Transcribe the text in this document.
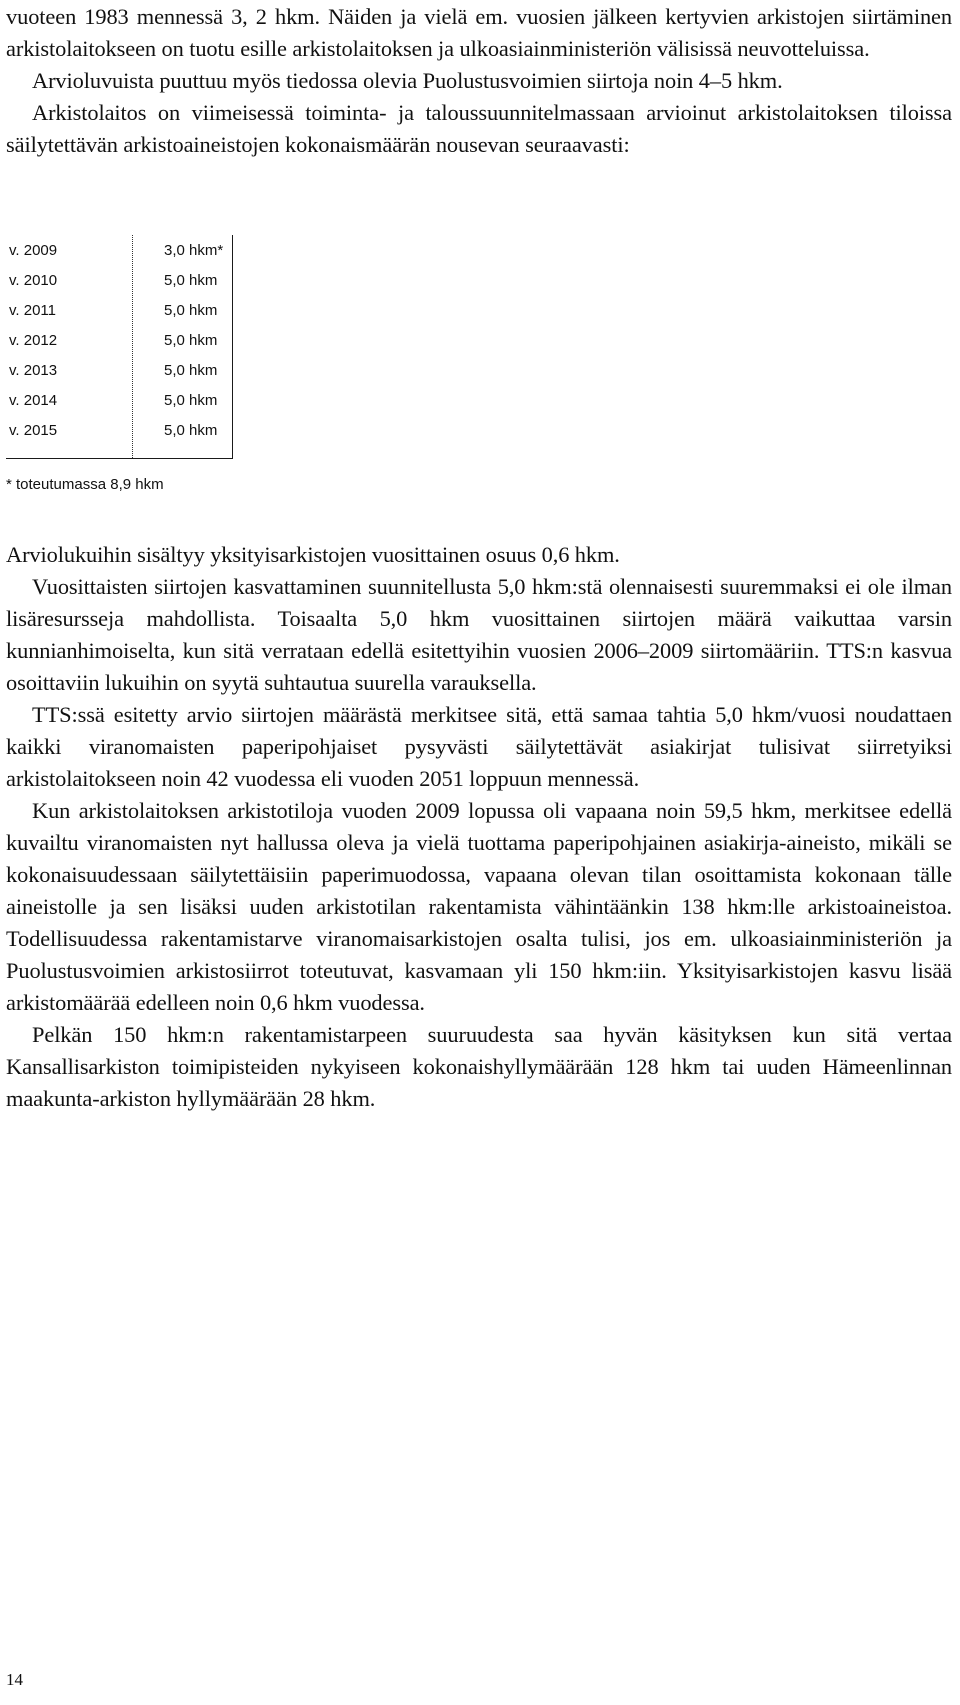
vuoteen 1983 mennessä 3, 2 hkm. Näiden ja vielä em. vuosien jälkeen kertyvien arkistojen siirtäminen arkistolaitokseen on tuotu esille arkistolaitoksen ja ulkoasiainministeriön välisissä neuvotteluissa.

Arvioluvuista puuttuu myös tiedossa olevia Puolustusvoimien siirtoja noin 4–5 hkm.

Arkistolaitos on viimeisessä toiminta- ja taloussuunnitelmassaan arvioinut arkistolaitoksen tiloissa säilytettävän arkistoaineistojen kokonaismäärän nousevan seuraavasti:

v. 2009	3,0 hkm*
v. 2010	5,0 hkm
v. 2011	5,0 hkm
v. 2012	5,0 hkm
v. 2013	5,0 hkm
v. 2014	5,0 hkm
v. 2015	5,0 hkm
* toteutumassa 8,9 hkm

Arviolukuihin sisältyy yksityisarkistojen vuosittainen osuus 0,6 hkm.

Vuosittaisten siirtojen kasvattaminen suunnitellusta 5,0 hkm:stä olennaisesti suuremmaksi ei ole ilman lisäresursseja mahdollista. Toisaalta 5,0 hkm vuosittainen siirtojen määrä vaikuttaa varsin kunnianhimoiselta, kun sitä verrataan edellä esitettyihin vuosien 2006–2009 siirtomääriin. TTS:n kasvua osoittaviin lukuihin on syytä suhtautua suurella varauksella.

TTS:ssä esitetty arvio siirtojen määrästä merkitsee sitä, että samaa tahtia 5,0 hkm/vuosi noudattaen kaikki viranomaisten paperipohjaiset pysyvästi säilytettävät asiakirjat tulisivat siirretyiksi arkistolaitokseen noin 42 vuodessa eli vuoden 2051 loppuun mennessä.

Kun arkistolaitoksen arkistotiloja vuoden 2009 lopussa oli vapaana noin 59,5 hkm, merkitsee edellä kuvailtu viranomaisten nyt hallussa oleva ja vielä tuottama paperipohjainen asiakirja-aineisto, mikäli se kokonaisuudessaan säilytettäisiin paperimuodossa, vapaana olevan tilan osoittamista kokonaan tälle aineistolle ja sen lisäksi uuden arkistotilan rakentamista vähintäänkin 138 hkm:lle arkistoaineistoa. Todellisuudessa rakentamistarve viranomaisarkistojen osalta tulisi, jos em. ulkoasiainministeriön ja Puolustusvoimien arkistosiirrot toteutuvat, kasvamaan yli 150 hkm:iin. Yksityisarkistojen kasvu lisää arkistomäärää edelleen noin 0,6 hkm vuodessa.

Pelkän 150 hkm:n rakentamistarpeen suuruudesta saa hyvän käsityksen kun sitä vertaa Kansallisarkiston toimipisteiden nykyiseen kokonaishyllymäärään 128 hkm tai uuden Hämeenlinnan maakunta-arkiston hyllymäärään 28 hkm.

14
